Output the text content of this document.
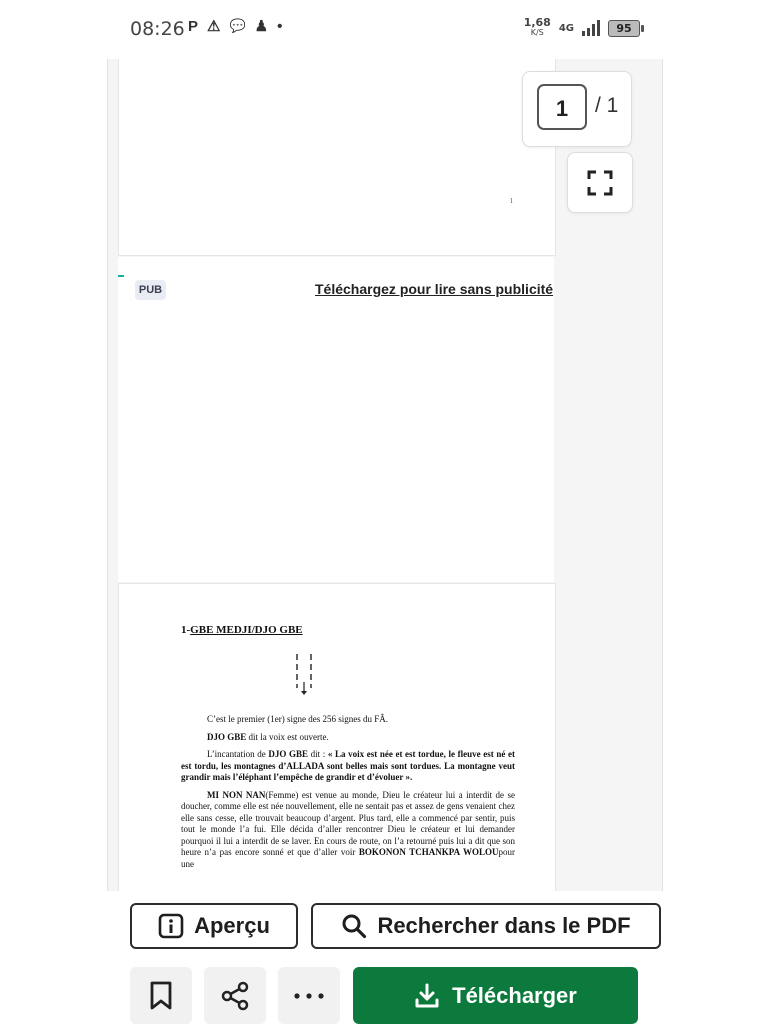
08:26 P ⚠ 💬 ♟ •	1,68
K/S	4G	95
1
PUB	Téléchargez pour lire sans publicité
1-GBE MEDJI/DJO GBE

C’est le premier (1er) signe des 256 signes du FÂ.

DJO GBE dit la voix est ouverte.

L’incantation de DJO GBE dit : « La voix est née et est tordue, le fleuve est né et est tordu, les montagnes d’ALLADA sont belles mais sont tordues. La montagne veut grandir mais l’éléphant l’empêche de grandir et d’évoluer ».

MI NON NAN(Femme) est venue au monde, Dieu le créateur lui a interdit de se doucher, comme elle est née nouvellement, elle ne sentait pas et assez de gens venaient chez elle sans cesse, elle trouvait beaucoup d’argent. Plus tard, elle a commencé par sentir, puis tout le monde l’a fui. Elle décida d’aller rencontrer Dieu le créateur et lui demander pourquoi il lui a interdit de se laver. En cours de route, on l’a retourné puis lui a dit que son heure n’a pas encore sonné et que d’aller voir BOKONON TCHANKPA WOLOUpour une

1	/ 1
Aperçu	Rechercher dans le PDF
Télécharger
